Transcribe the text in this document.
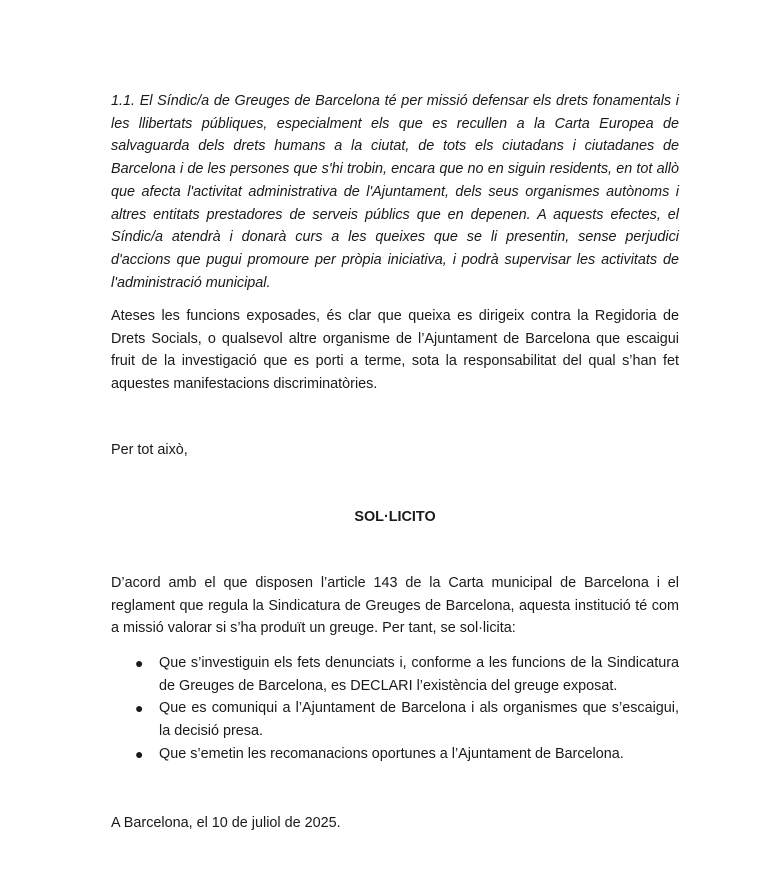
1.1. El Síndic/a de Greuges de Barcelona té per missió defensar els drets fonamentals i les llibertats públiques, especialment els que es recullen a la Carta Europea de salvaguarda dels drets humans a la ciutat, de tots els ciutadans i ciutadanes de Barcelona i de les persones que s'hi trobin, encara que no en siguin residents, en tot allò que afecta l'activitat administrativa de l'Ajuntament, dels seus organismes autònoms i altres entitats prestadores de serveis públics que en depenen. A aquests efectes, el Síndic/a atendrà i donarà curs a les queixes que se li presentin, sense perjudici d'accions que pugui promoure per pròpia iniciativa, i podrà supervisar les activitats de l'administració municipal.

Ateses les funcions exposades, és clar que queixa es dirigeix contra la Regidoria de Drets Socials, o qualsevol altre organisme de l’Ajuntament de Barcelona que escaigui fruit de la investigació que es porti a terme, sota la responsabilitat del qual s’han fet aquestes manifestacions discriminatòries.

Per tot això,

SOL·LICITO

D’acord amb el que disposen l’article 143 de la Carta municipal de Barcelona i el reglament que regula la Sindicatura de Greuges de Barcelona, aquesta institució té com a missió valorar si s’ha produït un greuge. Per tant, se sol·licita:

● Que s’investiguin els fets denunciats i, conforme a les funcions de la Sindicatura de Greuges de Barcelona, es DECLARI l’existència del greuge exposat.
● Que es comuniqui a l’Ajuntament de Barcelona i als organismes que s’escaigui, la decisió presa.
● Que s’emetin les recomanacions oportunes a l’Ajuntament de Barcelona.

A Barcelona, el 10 de juliol de 2025.
